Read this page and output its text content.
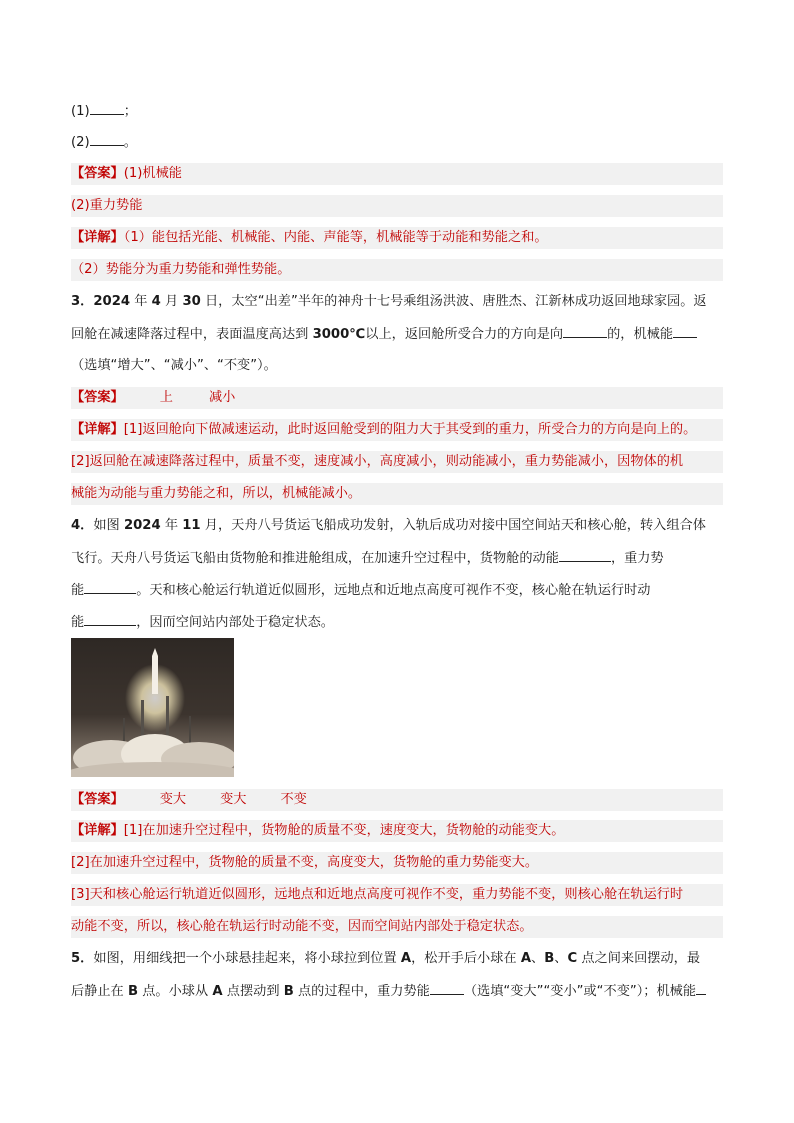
(1)	；
(2)	。
【答案】(1)机械能
(2)重力势能
【详解】（1）能包括光能、机械能、内能、声能等，机械能等于动能和势能之和。
（2）势能分为重力势能和弹性势能。
3．2024 年 4 月 30 日，太空“出差”半年的神舟十七号乘组汤洪波、唐胜杰、江新林成功返回地球家园。返
回舱在减速降落过程中，表面温度高达到 3000℃以上，返回舱所受合力的方向是向	的，机械能
（选填“增大”、“减小”、“不变”）。
【答案】	上	减小
【详解】[1]返回舱向下做减速运动，此时返回舱受到的阻力大于其受到的重力，所受合力的方向是向上的。
[2]返回舱在减速降落过程中，质量不变，速度减小，高度减小，则动能减小，重力势能减小，因物体的机
械能为动能与重力势能之和，所以，机械能减小。
4．如图 2024 年 11 月，天舟八号货运飞船成功发射，入轨后成功对接中国空间站天和核心舱，转入组合体
飞行。天舟八号货运飞船由货物舱和推进舱组成，在加速升空过程中，货物舱的动能	，重力势
能	。天和核心舱运行轨道近似圆形，远地点和近地点高度可视作不变，核心舱在轨运行时动
能	，因而空间站内部处于稳定状态。
【答案】	变大	变大	不变
【详解】[1]在加速升空过程中，货物舱的质量不变，速度变大，货物舱的动能变大。
[2]在加速升空过程中，货物舱的质量不变，高度变大，货物舱的重力势能变大。
[3]天和核心舱运行轨道近似圆形，远地点和近地点高度可视作不变，重力势能不变，则核心舱在轨运行时
动能不变，所以，核心舱在轨运行时动能不变，因而空间站内部处于稳定状态。
5．如图，用细线把一个小球悬挂起来，将小球拉到位置 A，松开手后小球在 A、B、C 点之间来回摆动，最
后静止在 B 点。小球从 A 点摆动到 B 点的过程中，重力势能	（选填“变大”“变小”或“不变”）；机械能
